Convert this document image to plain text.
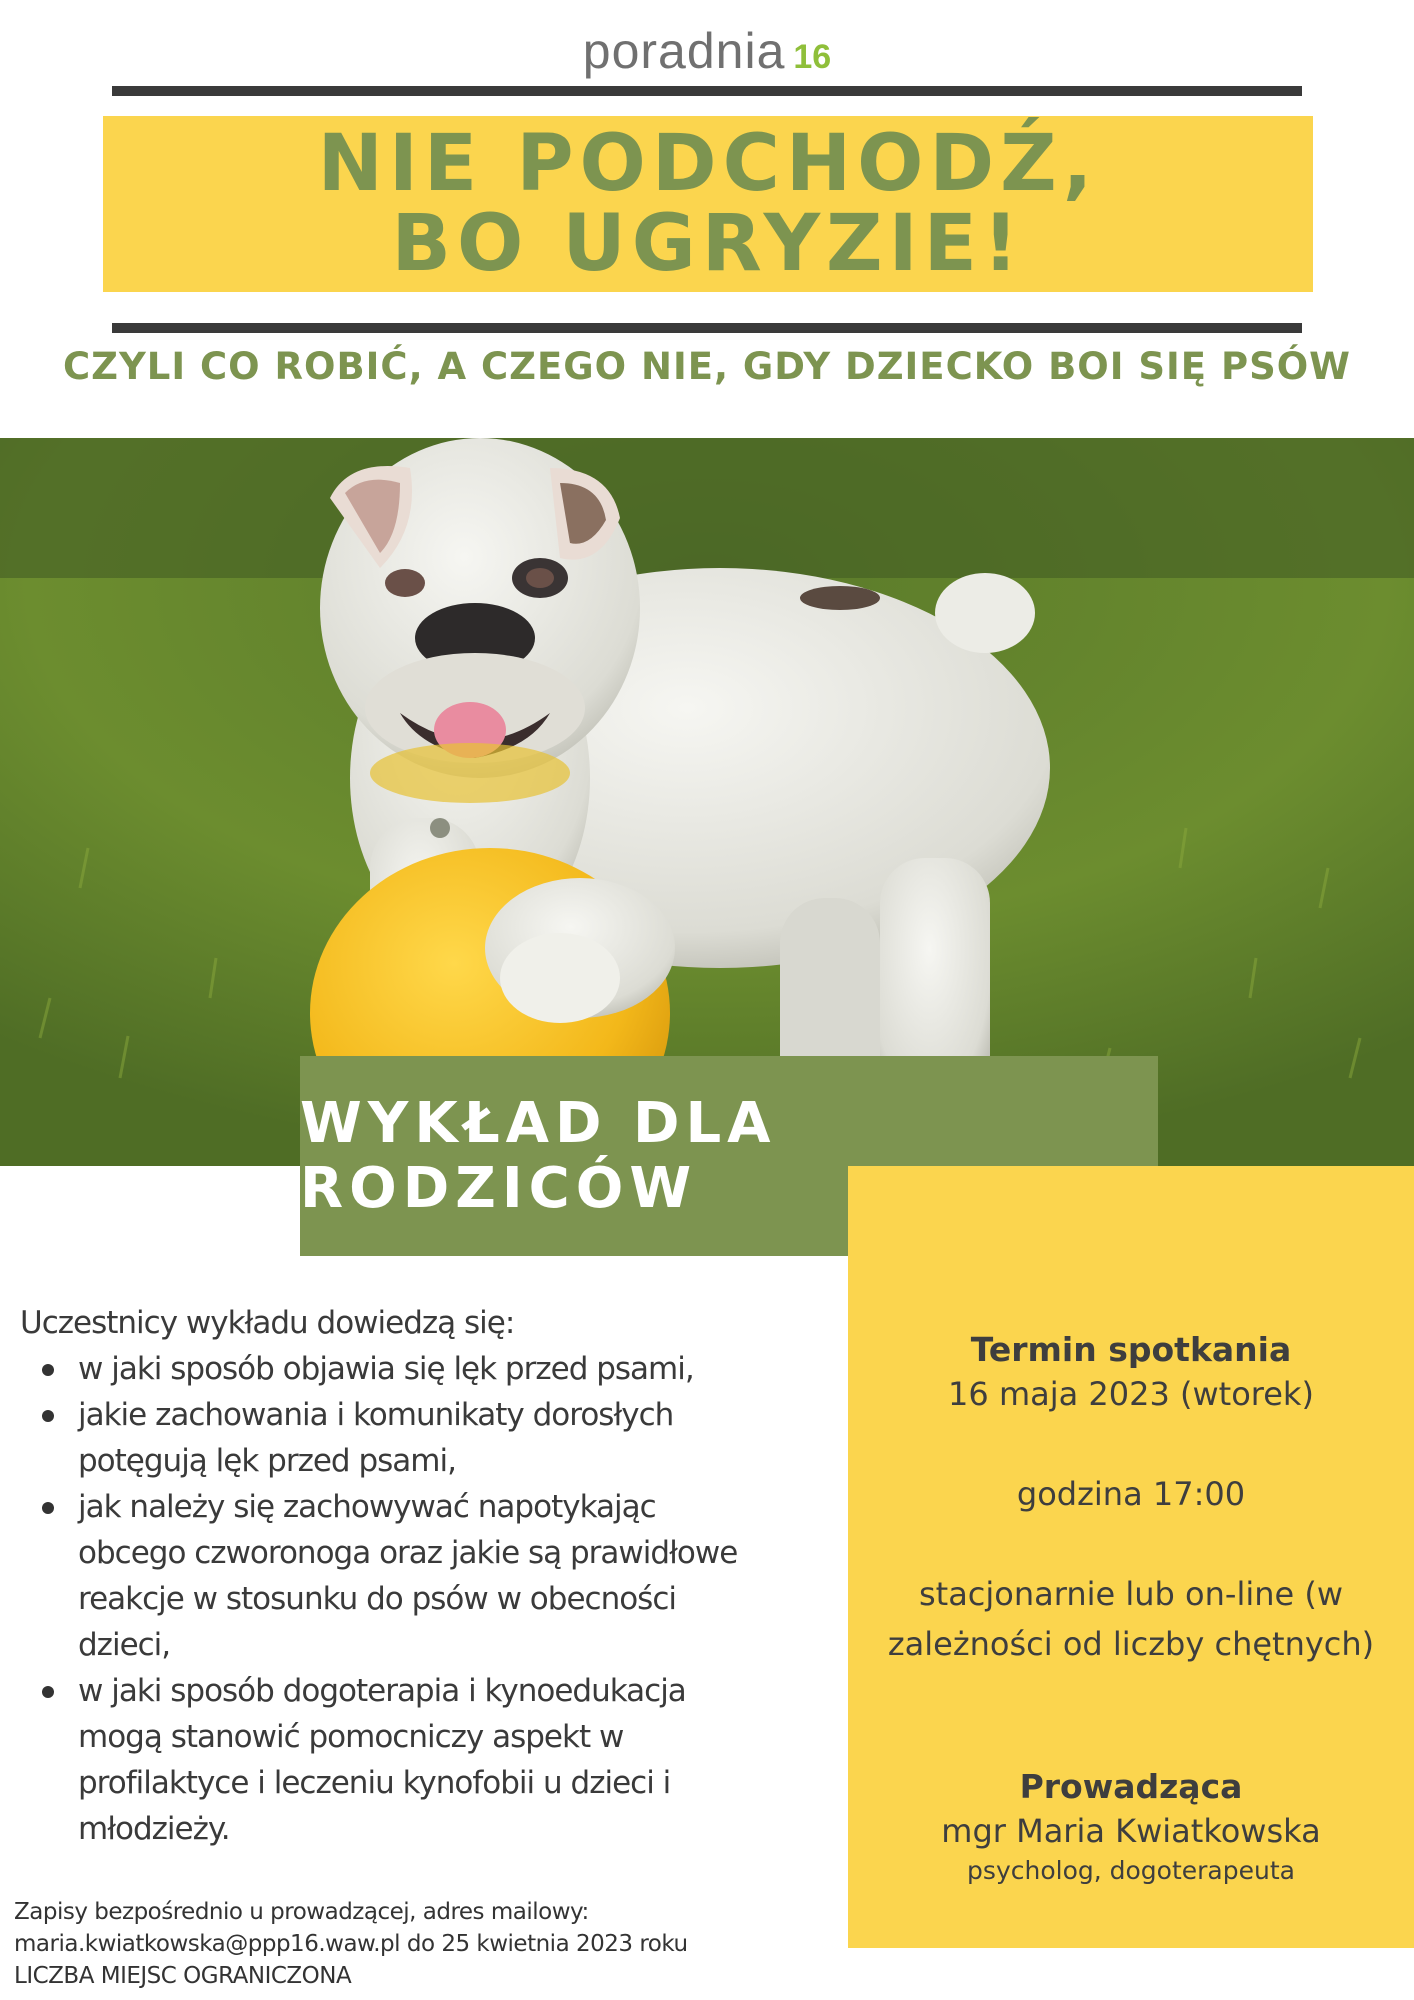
poradnia 16
NIE PODCHODŹ, BO UGRYZIE!
CZYLI CO ROBIĆ, A CZEGO NIE, GDY DZIECKO BOI SIĘ PSÓW
WYKŁAD DLA RODZICÓW
Termin spotkania
16 maja 2023 (wtorek)
godzina 17:00
stacjonarnie lub on-line (w zależności od liczby chętnych)
Prowadząca
mgr Maria Kwiatkowska
psycholog, dogoterapeuta
Uczestnicy wykładu dowiedzą się:
w jaki sposób objawia się lęk przed psami,
jakie zachowania i komunikaty dorosłych potęgują lęk przed psami,
jak należy się zachowywać napotykając obcego czworonoga oraz jakie są prawidłowe reakcje w stosunku do psów w obecności dzieci,
w jaki sposób dogoterapia i kynoedukacja mogą stanowić pomocniczy aspekt w profilaktyce i leczeniu kynofobii u dzieci i młodzieży.
Zapisy bezpośrednio u prowadzącej, adres mailowy:
maria.kwiatkowska@ppp16.waw.pl do 25 kwietnia 2023 roku
LICZBA MIEJSC OGRANICZONA
